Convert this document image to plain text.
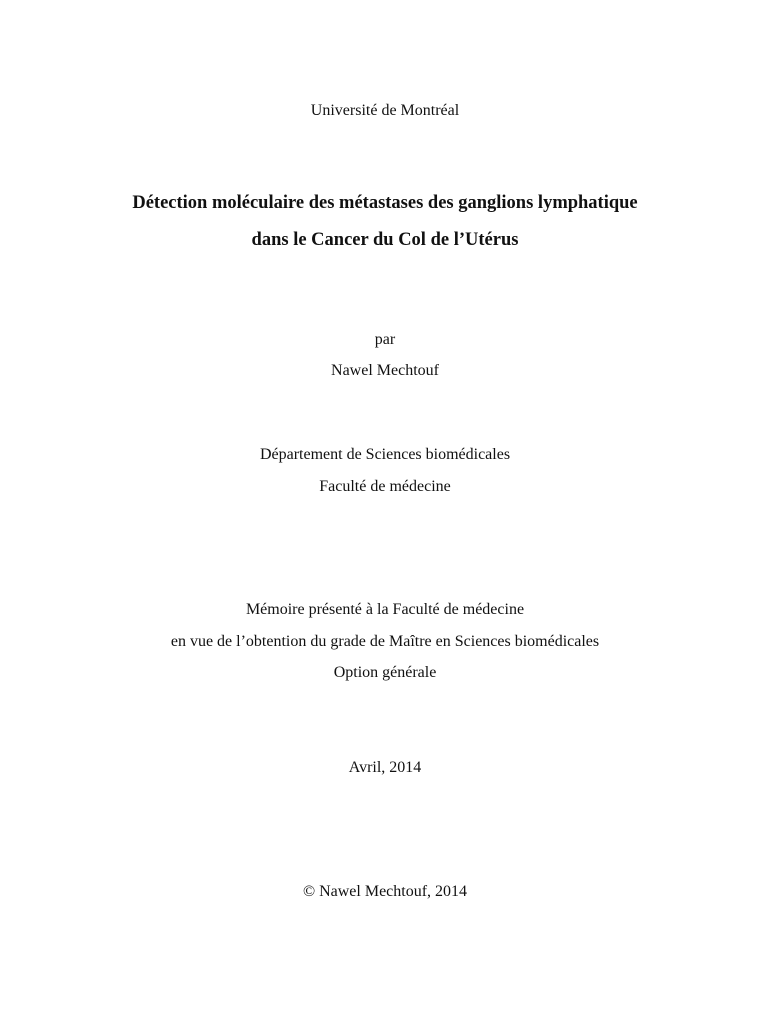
Université de Montréal
Détection moléculaire des métastases des ganglions lymphatique
dans le Cancer du Col de l’Utérus
par
Nawel Mechtouf
Département de Sciences biomédicales
Faculté de médecine
Mémoire présenté à la Faculté de médecine
en vue de l’obtention du grade de Maître en Sciences biomédicales
Option générale
Avril, 2014
© Nawel Mechtouf, 2014
